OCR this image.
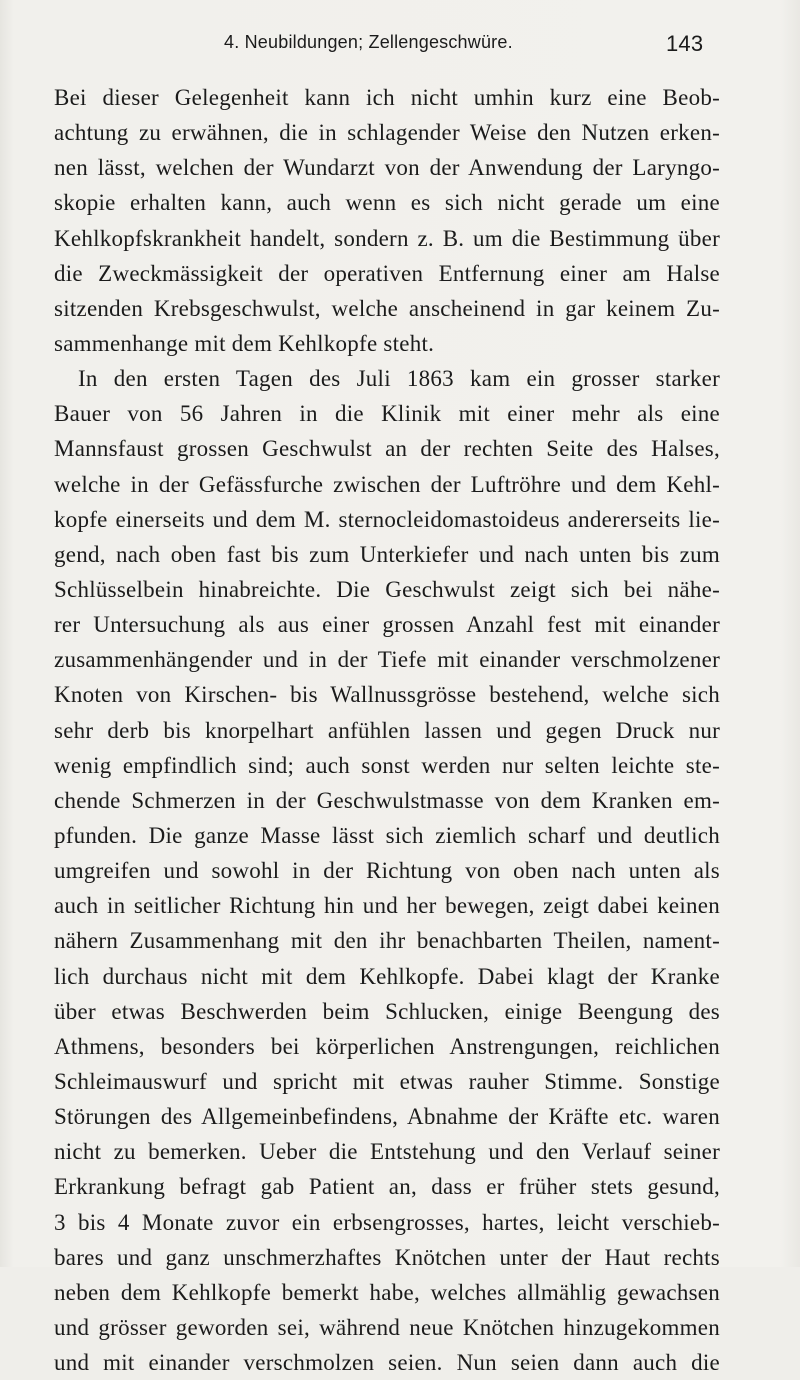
4. Neubildungen; Zellengeschwüre.	143
Bei dieser Gelegenheit kann ich nicht umhin kurz eine Beob-
achtung zu erwähnen, die in schlagender Weise den Nutzen erken-
nen lässt, welchen der Wundarzt von der Anwendung der Laryngo-
skopie erhalten kann, auch wenn es sich nicht gerade um eine
Kehlkopfskrankheit handelt, sondern z. B. um die Bestimmung über
die Zweckmässigkeit der operativen Entfernung einer am Halse
sitzenden Krebsgeschwulst, welche anscheinend in gar keinem Zu-
sammenhange mit dem Kehlkopfe steht.
In den ersten Tagen des Juli 1863 kam ein grosser starker
Bauer von 56 Jahren in die Klinik mit einer mehr als eine
Mannsfaust grossen Geschwulst an der rechten Seite des Halses,
welche in der Gefässfurche zwischen der Luftröhre und dem Kehl-
kopfe einerseits und dem M. sternocleidomastoideus andererseits lie-
gend, nach oben fast bis zum Unterkiefer und nach unten bis zum
Schlüsselbein hinabreichte. Die Geschwulst zeigt sich bei nähe-
rer Untersuchung als aus einer grossen Anzahl fest mit einander
zusammenhängender und in der Tiefe mit einander verschmolzener
Knoten von Kirschen- bis Wallnussgrösse bestehend, welche sich
sehr derb bis knorpelhart anfühlen lassen und gegen Druck nur
wenig empfindlich sind; auch sonst werden nur selten leichte ste-
chende Schmerzen in der Geschwulstmasse von dem Kranken em-
pfunden. Die ganze Masse lässt sich ziemlich scharf und deutlich
umgreifen und sowohl in der Richtung von oben nach unten als
auch in seitlicher Richtung hin und her bewegen, zeigt dabei keinen
nähern Zusammenhang mit den ihr benachbarten Theilen, nament-
lich durchaus nicht mit dem Kehlkopfe. Dabei klagt der Kranke
über etwas Beschwerden beim Schlucken, einige Beengung des
Athmens, besonders bei körperlichen Anstrengungen, reichlichen
Schleimauswurf und spricht mit etwas rauher Stimme. Sonstige
Störungen des Allgemeinbefindens, Abnahme der Kräfte etc. waren
nicht zu bemerken. Ueber die Entstehung und den Verlauf seiner
Erkrankung befragt gab Patient an, dass er früher stets gesund,
3 bis 4 Monate zuvor ein erbsengrosses, hartes, leicht verschieb-
bares und ganz unschmerzhaftes Knötchen unter der Haut rechts
neben dem Kehlkopfe bemerkt habe, welches allmählig gewachsen
und grösser geworden sei, während neue Knötchen hinzugekommen
und mit einander verschmolzen seien. Nun seien dann auch die
